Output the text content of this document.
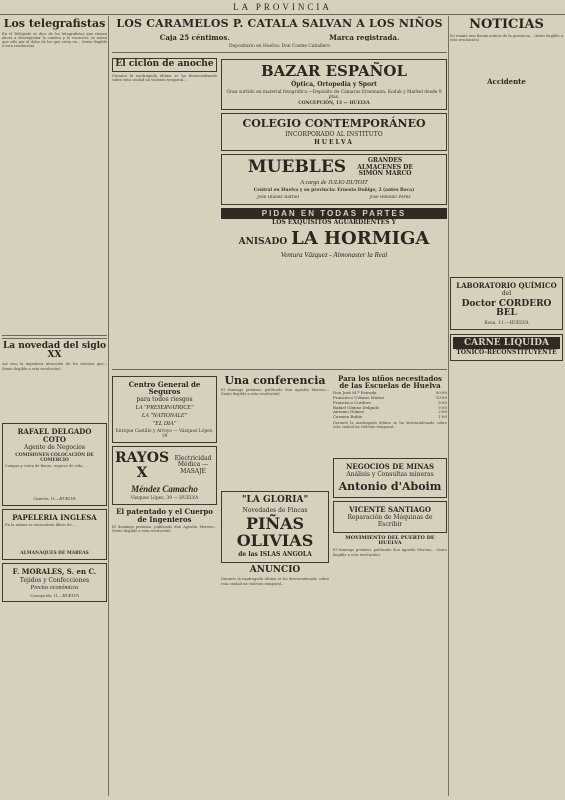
LA PROVINCIA
Los telegrafistas
En el Telégrafo se dice de los telegrafistas que vienen ahora a desempeñar la carrera y la vocación, se notan que sólo por el dolor de los que viven en... (texto ilegible a esta resolución)
La novedad del siglo XX
Así vino la ingeniosa invención de los señores que... (texto ilegible a esta resolución)
RAFAEL DELGADO COTO
Agente de Negocios
COMISIONES COLOCACIÓN DE COMERCIO
Compra y venta de fincas, seguros de vida...
Castelar, 11.—HUELVA
PAPELERIA INGLESA
En la misma se encuentran libros de ...
ALMANAQUES DE MAREAS
F. MORALES, S. en C.
Tejidos y Confecciones
Precios económicos
Concepción, 11.—HUELVA
LOS CARAMELOS P. CATALA SALVAN A LOS NIÑOS
Caja 25 céntimos.	Marca registrada.
Depositario en Huelva: Don Cosme Caballero
El ciclón de anoche
Durante la madrugada última se ha desencadenado sobre esta ciudad un violento temporal...	BAZAR ESPAÑOL
Óptica, Ortopedia y Sport
Gran surtido en material fotográfico.—Depósito de Cámaras Ernemann, Kodak y Markel desde 9 ptas.
CONCEPCIÓN, 13 — HUELVA
COLEGIO CONTEMPORÁNEO
INCORPORADO AL INSTITUTO
HUELVA
MUEBLES	GRANDES ALMACENES DE SIMÓN MARCO
A cargo de JULIO DUTOIT
Central en Huelva y su provincia: Ernesto Doñigo, 2 (antes Boca)
José Ibáñez Barbel	José Rebollo Pérez
PIDAN EN TODAS PARTES
LOS EXQUISITOS AGUARDIENTES Y
ANISADO LA HORMIGA
Ventura Vázquez - Almonaster la Real
Centro General de Seguros
para todos riesgos
LA "PRESERVATRICE"
LA "NATIONALE"
"EL DIA"
Enrique Castillo y Arroyo — Vázquez López, 19
RAYOS X
Electricidad Médica — MASAJE
Méndez Camacho
Vázquez López, 39 — HUELVA
El patentado y el Cuerpo de Ingenieros
El domingo próximo, publicado don Agustín Moreno... (texto ilegible a esta resolución)
Una conferencia
El domingo próximo, publicado don Agustín Moreno... (texto ilegible a esta resolución)
"LA GLORIA"
Novedades de Fincas
PIÑAS OLIVIAS
de las ISLAS ANGOLA
ANUNCIO
Durante la madrugada última se ha desencadenado sobre esta ciudad un violento temporal...
Para los niños necesitados de las Escuelas de Huelva
Don José M.ª Estrada	50'00
Francisco Urbano Muñoz	10'00
Francisco Cordero	5'00
Rafael Gómez Delgado	5'00
Antonio Gómez	2'00
Carmen Rubio	1'00
Durante la madrugada última se ha desencadenado sobre esta ciudad un violento temporal...
NEGOCIOS DE MINAS
Análisis y Consultas mineras
Antonio d'Aboim
VICENTE SANTIAGO
Reparación de Máquinas de Escribir
MOVIMIENTO DEL PUERTO DE HUELVA
El domingo próximo, publicado don Agustín Moreno... (texto ilegible a esta resolución)
NOTICIAS
Se remite una buena noticia de la provincia... (texto ilegible a esta resolución)
LABORATORIO QUÍMICO
del
Doctor CORDERO BEL
Rosa, 11.—HUELVA
CARNE LIQUIDA
TÓNICO-RECONSTITUYENTE
Accidente
